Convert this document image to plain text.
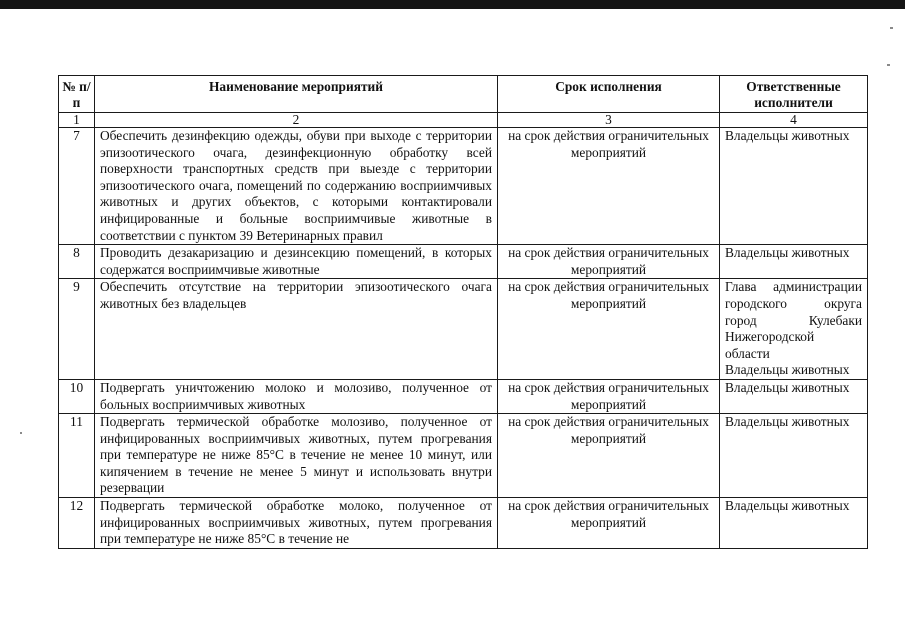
№ п/п	Наименование мероприятий	Срок исполнения	Ответственные исполнители
1	2	3	4
7	Обеспечить дезинфекцию одежды, обуви при выходе с территории эпизоотического очага, дезинфекционную обработку всей поверхности транспортных средств при выезде с территории эпизоотического очага, помещений по содержанию восприимчивых животных и других объектов, с которыми контактировали инфицированные и больные восприимчивые животные в соответствии с пунктом 39 Ветеринарных правил	на срок действия ограничительных мероприятий	Владельцы животных

8	Проводить дезакаризацию и дезинсекцию помещений, в которых содержатся восприимчивые животные	на срок действия ограничительных мероприятий	Владельцы животных

9	Обеспечить отсутствие на территории эпизоотического очага животных без владельцев	на срок действия ограничительных мероприятий	Глава администрации городского округа город Кулебаки Нижегородской области
Владельцы животных

10	Подвергать уничтожению молоко и молозиво, полученное от больных восприимчивых животных	на срок действия ограничительных мероприятий	Владельцы животных

11	Подвергать термической обработке молозиво, полученное от инфицированных восприимчивых животных, путем прогревания при температуре не ниже 85°С в течение не менее 10 минут, или кипячением в течение не менее 5 минут и использовать внутри резервации	на срок действия ограничительных мероприятий	Владельцы животных

12	Подвергать термической обработке молоко, полученное от инфицированных восприимчивых животных, путем прогревания при температуре не ниже 85°С в течение не	на срок действия ограничительных мероприятий	Владельцы животных
